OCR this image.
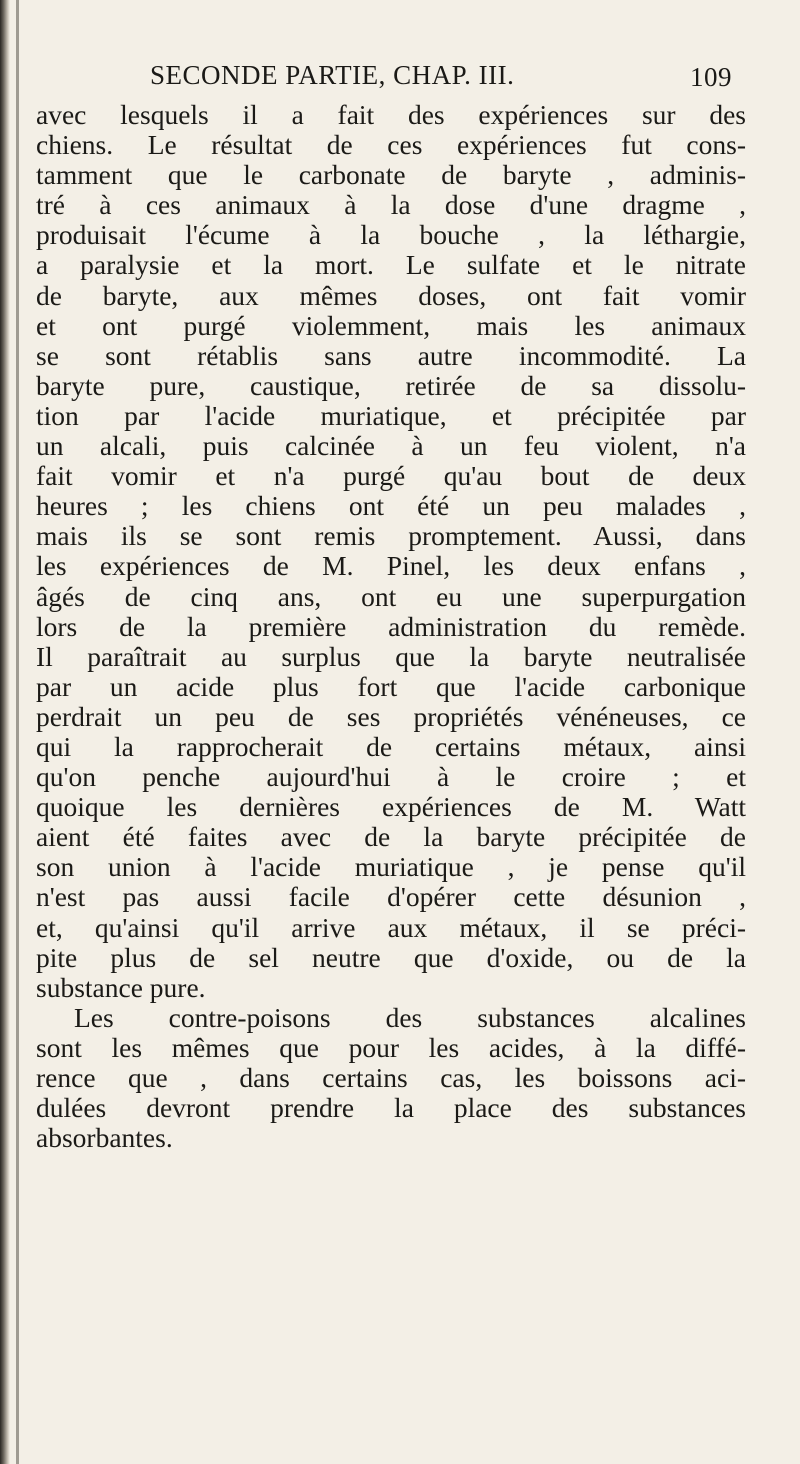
SECONDE PARTIE, CHAP. III.	109
avec lesquels il a fait des expériences sur des
chiens. Le résultat de ces expériences fut cons-
tamment que le carbonate de baryte , adminis-
tré à ces animaux à la dose d'une dragme ,
produisait l'écume à la bouche , la léthargie,
a paralysie et la mort. Le sulfate et le nitrate
de baryte, aux mêmes doses, ont fait vomir
et ont purgé violemment, mais les animaux
se sont rétablis sans autre incommodité. La
baryte pure, caustique, retirée de sa dissolu-
tion par l'acide muriatique, et précipitée par
un alcali, puis calcinée à un feu violent, n'a
fait vomir et n'a purgé qu'au bout de deux
heures ; les chiens ont été un peu malades ,
mais ils se sont remis promptement. Aussi, dans
les expériences de M. Pinel, les deux enfans ,
âgés de cinq ans, ont eu une superpurgation
lors de la première administration du remède.
Il paraîtrait au surplus que la baryte neutralisée
par un acide plus fort que l'acide carbonique
perdrait un peu de ses propriétés vénéneuses, ce
qui la rapprocherait de certains métaux, ainsi
qu'on penche aujourd'hui à le croire ; et
quoique les dernières expériences de M. Watt
aient été faites avec de la baryte précipitée de
son union à l'acide muriatique , je pense qu'il
n'est pas aussi facile d'opérer cette désunion ,
et, qu'ainsi qu'il arrive aux métaux, il se préci-
pite plus de sel neutre que d'oxide, ou de la
substance pure.
Les contre-poisons des substances alcalines
sont les mêmes que pour les acides, à la diffé-
rence que , dans certains cas, les boissons aci-
dulées devront prendre la place des substances
absorbantes.
